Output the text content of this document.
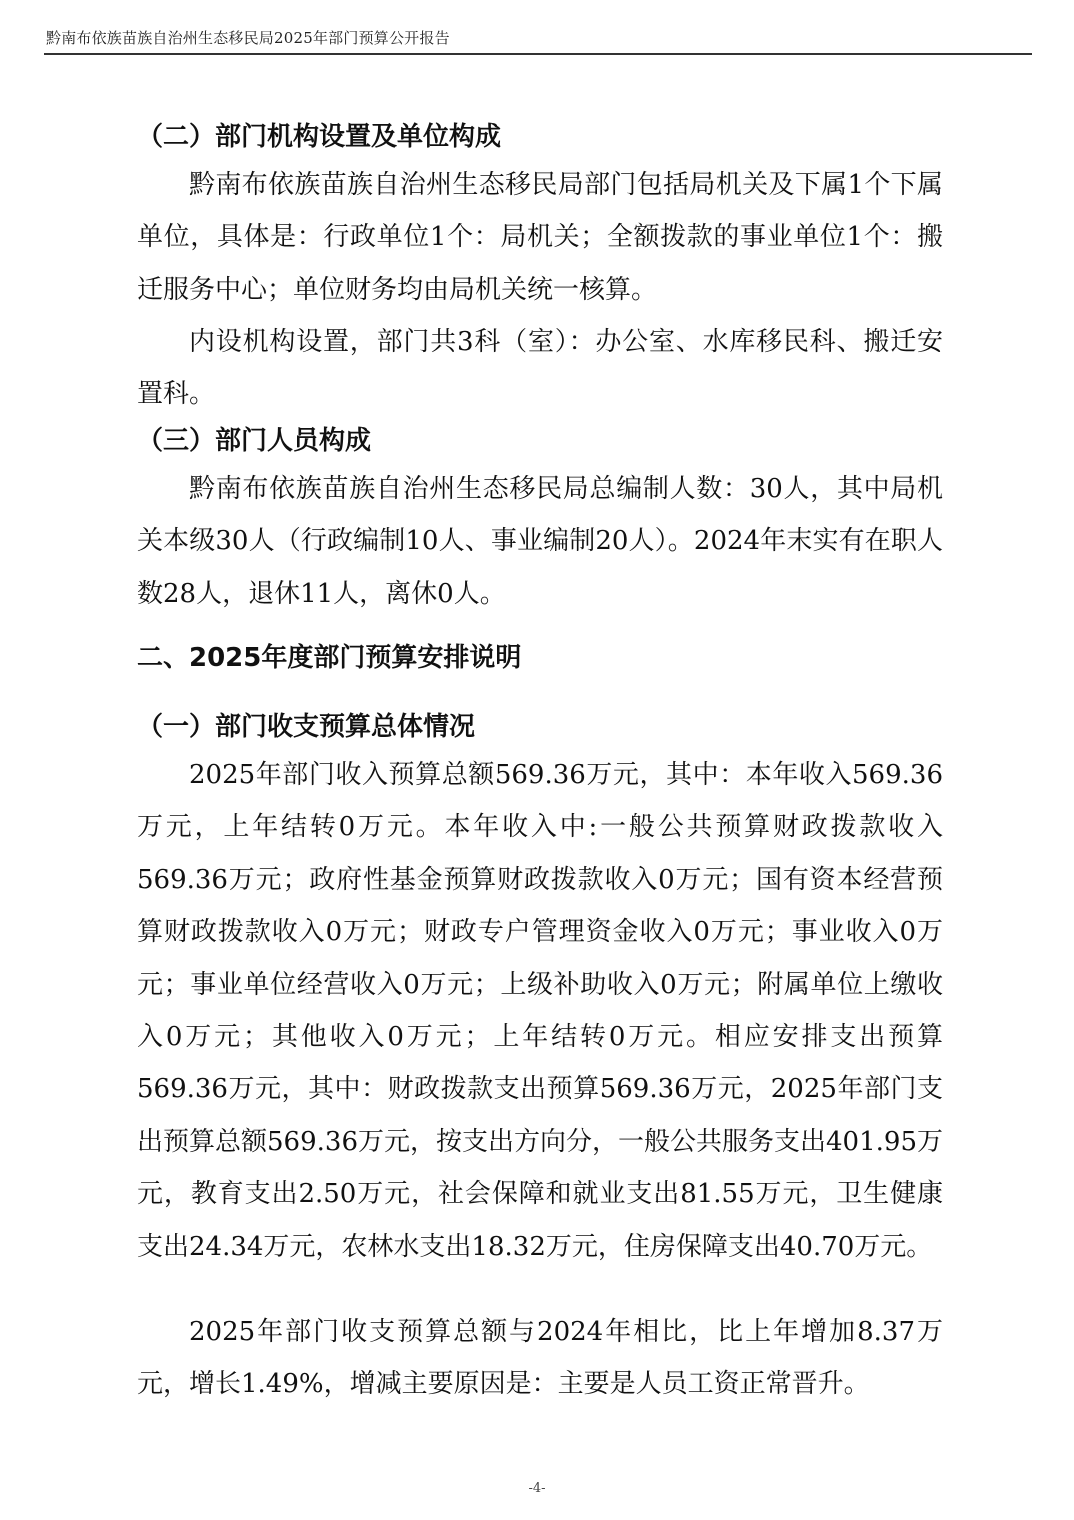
黔南布依族苗族自治州生态移民局2025年部门预算公开报告
（二）部门机构设置及单位构成

黔南布依族苗族自治州生态移民局部门包括局机关及下属1个下属单位，具体是：行政单位1个：局机关；全额拨款的事业单位1个：搬迁服务中心；单位财务均由局机关统一核算。

内设机构设置，部门共3科（室）：办公室、水库移民科、搬迁安置科。

（三）部门人员构成

黔南布依族苗族自治州生态移民局总编制人数：30人，其中局机关本级30人（行政编制10人、事业编制20人）。2024年末实有在职人数28人，退休11人，离休0人。

二、2025年度部门预算安排说明
（一）部门收支预算总体情况

2025年部门收入预算总额569.36万元，其中：本年收入569.36万元，上年结转0万元。本年收入中:一般公共预算财政拨款收入569.36万元；政府性基金预算财政拨款收入0万元；国有资本经营预算财政拨款收入0万元；财政专户管理资金收入0万元；事业收入0万元；事业单位经营收入0万元；上级补助收入0万元；附属单位上缴收入0万元；其他收入0万元；上年结转0万元。相应安排支出预算569.36万元，其中：财政拨款支出预算569.36万元，2025年部门支出预算总额569.36万元，按支出方向分，一般公共服务支出401.95万元，教育支出2.50万元，社会保障和就业支出81.55万元，卫生健康支出24.34万元，农林水支出18.32万元，住房保障支出40.70万元。

2025年部门收支预算总额与2024年相比，比上年增加8.37万元，增长1.49%，增减主要原因是：主要是人员工资正常晋升。

-4-
